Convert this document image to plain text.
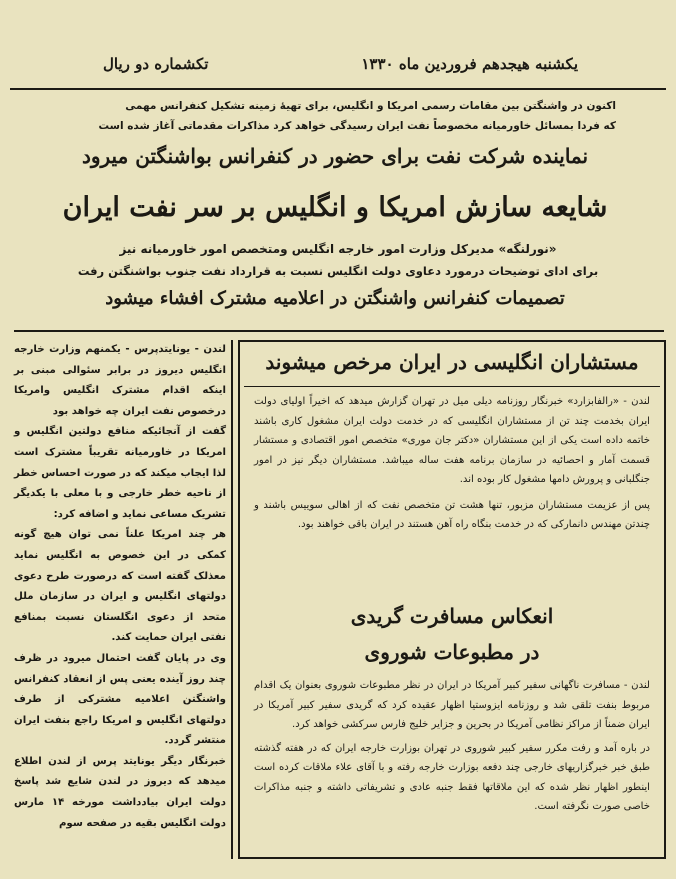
یکشنبه هیجدهم فروردین ماه ۱۳۳۰
تکشماره دو ریال

اکنون در واشنگتن بین مقامات رسمی امریکا و انگلیس، برای تهیهٔ زمینه تشکیل کنفرانس مهمی

که فردا بمسائل خاورمیانه مخصوصاً نفت ایران رسیدگی خواهد کرد مذاکرات مقدماتی آغاز شده است

نماینده شرکت نفت برای حضور در کنفرانس بواشنگتن میرود
شایعه سازش امریکا و انگلیس بر سر نفت ایران
«نورلنگه» مدیرکل وزارت امور خارجه انگلیس ومتخصص امور خاورمیانه نیز
برای ادای توضیحات درمورد دعاوی دولت انگلیس نسبت به قرارداد نفت جنوب بواشنگتن رفت
تصمیمات کنفرانس واشنگتن در اعلامیه مشترک افشاء میشود

لندن - یونایتدپرس - یکمنهم وزارت خارجه انگلیس دیروز در برابر سئوالی مبنی بر اینکه اقدام مشترک انگلیس وامریکا درخصوص نفت ایران چه خواهد بود

گفت از آنجائیکه منافع دولتین انگلیس و امریکا در خاورمیانه تقریباً مشترک است لذا ایجاب میکند که در صورت احساس خطر از ناحیه خطر خارجی و با معلی با یکدیگر تشریک مساعی نماید و اضافه کرد:

هر چند امریکا علناً نمی توان هیچ گونه کمکی در این خصوص به انگلیس نماید معذلک گفته است که درصورت طرح دعوی دولتهای انگلیس و ایران در سازمان ملل متحد از دعوی انگلستان نسبت بمنافع نفتی ایران حمایت کند.

وی در پایان گفت احتمال میرود در ظرف چند روز آینده یعنی پس از انعقاد کنفرانس واشنگتن اعلامیه مشترکی از طرف دولتهای انگلیس و امریکا راجع بنفت ایران منتشر گردد.

خبرنگار دیگر یونایتد پرس از لندن اطلاع میدهد که دیروز در لندن شایع شد پاسخ دولت ایران بیادداشت مورخه ۱۴ مارس دولت انگلیس بقیه در صفحه سوم

مستشاران انگلیسی در ایران مرخص میشوند

لندن - «رالفابزارد» خبرنگار روزنامه دیلی میل در تهران گزارش میدهد که اخیراً اولیای دولت ایران بخدمت چند تن از مستشاران انگلیسی که در خدمت دولت ایران مشغول کاری باشند خاتمه داده است یکی از این مستشاران «دکتر جان موری» متخصص امور اقتصادی و مستشار قسمت آمار و احصائیه در سازمان برنامه هفت ساله میباشد. مستشاران دیگر نیز در امور جنگلبانی و پرورش دامها مشغول کار بوده اند.

پس از عزیمت مستشاران مزبور، تنها هشت تن متخصص نفت که از اهالی سوییس باشند و چندتن مهندس دانمارکی که در خدمت بنگاه راه آهن هستند در ایران باقی خواهند بود.

انعکاس مسافرت گریدی
در مطبوعات شوروی

لندن - مسافرت ناگهانی سفیر کبیر آمریکا در ایران در نظر مطبوعات شوروی بعنوان یک اقدام مربوط بنفت تلقی شد و روزنامه ایزوستیا اظهار عقیده کرد که گریدی سفیر کبیر آمریکا در ایران ضمناً از مراکز نظامی آمریکا در بحرین و جزایر خلیج فارس سرکشی خواهد کرد.

در باره آمد و رفت مکرر سفیر کبیر شوروی در تهران بوزارت خارجه ایران که در هفته گذشته طبق خبر خبرگزاریهای خارجی چند دفعه بوزارت خارجه رفته و با آقای علاء ملاقات کرده است اینطور اظهار نظر شده که این ملاقاتها فقط جنبه عادی و تشریفاتی داشته و جنبه مذاکرات خاصی صورت نگرفته است.
